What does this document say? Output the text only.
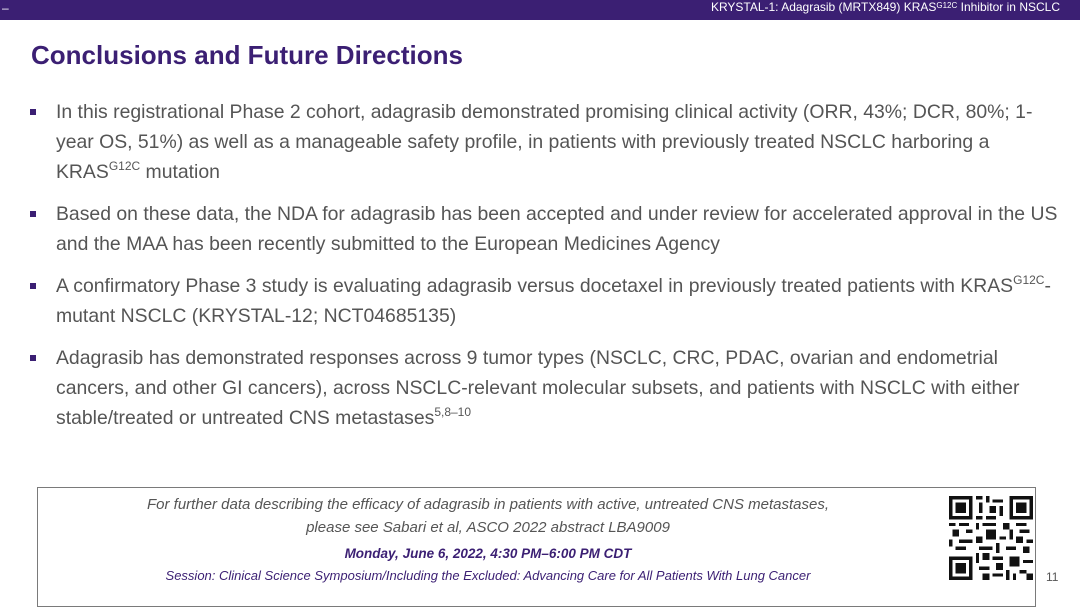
–	KRYSTAL-1: Adagrasib (MRTX849) $KRAS^{G12C}$ Inhibitor in NSCLC
Conclusions and Future Directions
In this registrational Phase 2 cohort, adagrasib demonstrated promising clinical activity (ORR, 43%; DCR, 80%; 1-year OS, 51%) as well as a manageable safety profile, in patients with previously treated NSCLC harboring a $KRAS^{G12C}$ mutation
Based on these data, the NDA for adagrasib has been accepted and under review for accelerated approval in the US and the MAA has been recently submitted to the European Medicines Agency
A confirmatory Phase 3 study is evaluating adagrasib versus docetaxel in previously treated patients with $KRAS^{G12C}$-mutant NSCLC (KRYSTAL-12; NCT04685135)
Adagrasib has demonstrated responses across 9 tumor types (NSCLC, CRC, PDAC, ovarian and endometrial cancers, and other GI cancers), across NSCLC-relevant molecular subsets, and patients with NSCLC with either stable/treated or untreated CNS metastases$^{5,8-10}$
For further data describing the efficacy of adagrasib in patients with active, untreated CNS metastases,
please see Sabari et al, ASCO 2022 abstract LBA9009
Monday, June 6, 2022, 4:30 PM–6:00 PM CDT
Session: Clinical Science Symposium/Including the Excluded: Advancing Care for All Patients With Lung Cancer	11
